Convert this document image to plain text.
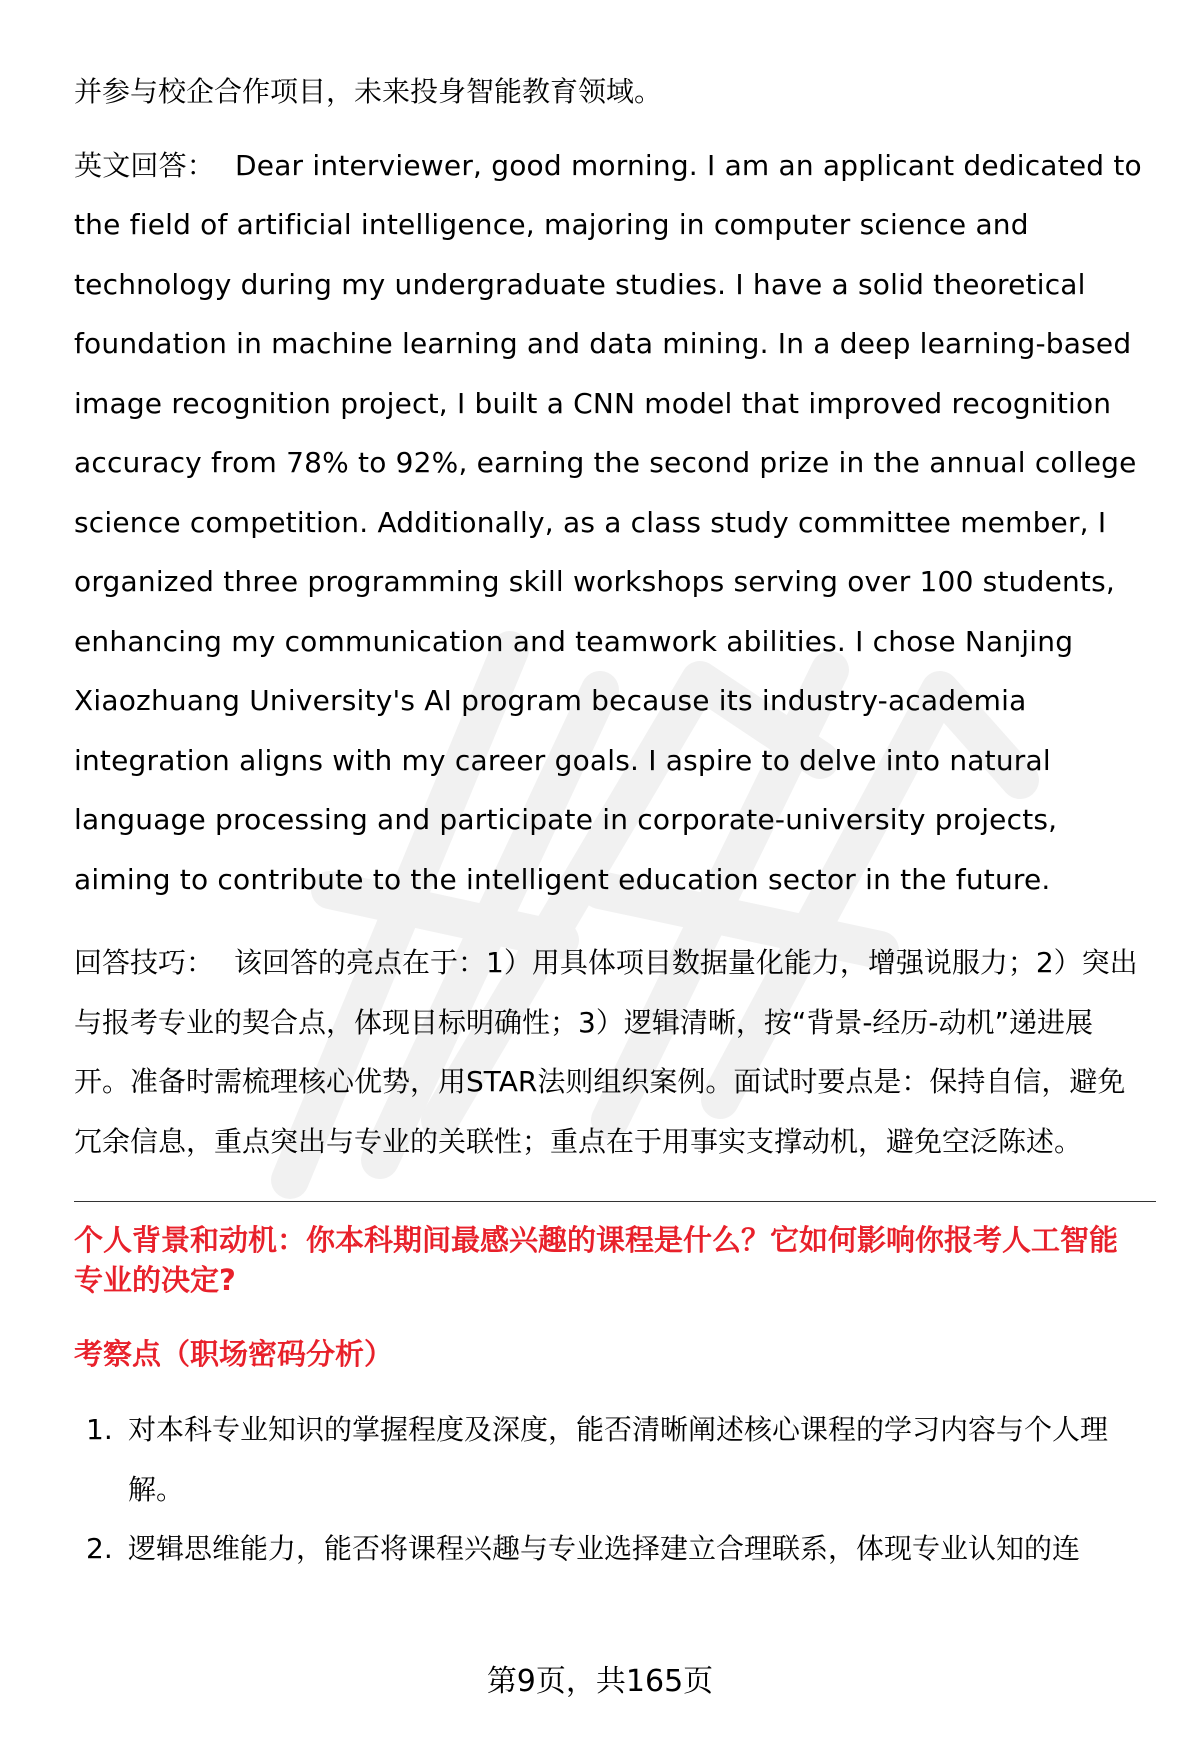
并参与校企合作项目，未来投身智能教育领域。

英文回答： Dear interviewer, good morning. I am an applicant dedicated to the field of artificial intelligence, majoring in computer science and technology during my undergraduate studies. I have a solid theoretical foundation in machine learning and data mining. In a deep learning-based image recognition project, I built a CNN model that improved recognition accuracy from 78% to 92%, earning the second prize in the annual college science competition. Additionally, as a class study committee member, I organized three programming skill workshops serving over 100 students, enhancing my communication and teamwork abilities. I chose Nanjing Xiaozhuang University's AI program because its industry-academia integration aligns with my career goals. I aspire to delve into natural language processing and participate in corporate-university projects, aiming to contribute to the intelligent education sector in the future.

回答技巧： 该回答的亮点在于：1）用具体项目数据量化能力，增强说服力；2）突出与报考专业的契合点，体现目标明确性；3）逻辑清晰，按“背景-经历-动机”递进展开。准备时需梳理核心优势，用STAR法则组织案例。面试时要点是：保持自信，避免冗余信息，重点突出与专业的关联性；重点在于用事实支撑动机，避免空泛陈述。

个人背景和动机：你本科期间最感兴趣的课程是什么？它如何影响你报考人工智能专业的决定?

考察点（职场密码分析）

1. 对本科专业知识的掌握程度及深度，能否清晰阐述核心课程的学习内容与个人理解。
2. 逻辑思维能力，能否将课程兴趣与专业选择建立合理联系，体现专业认知的连
第9页，共165页
